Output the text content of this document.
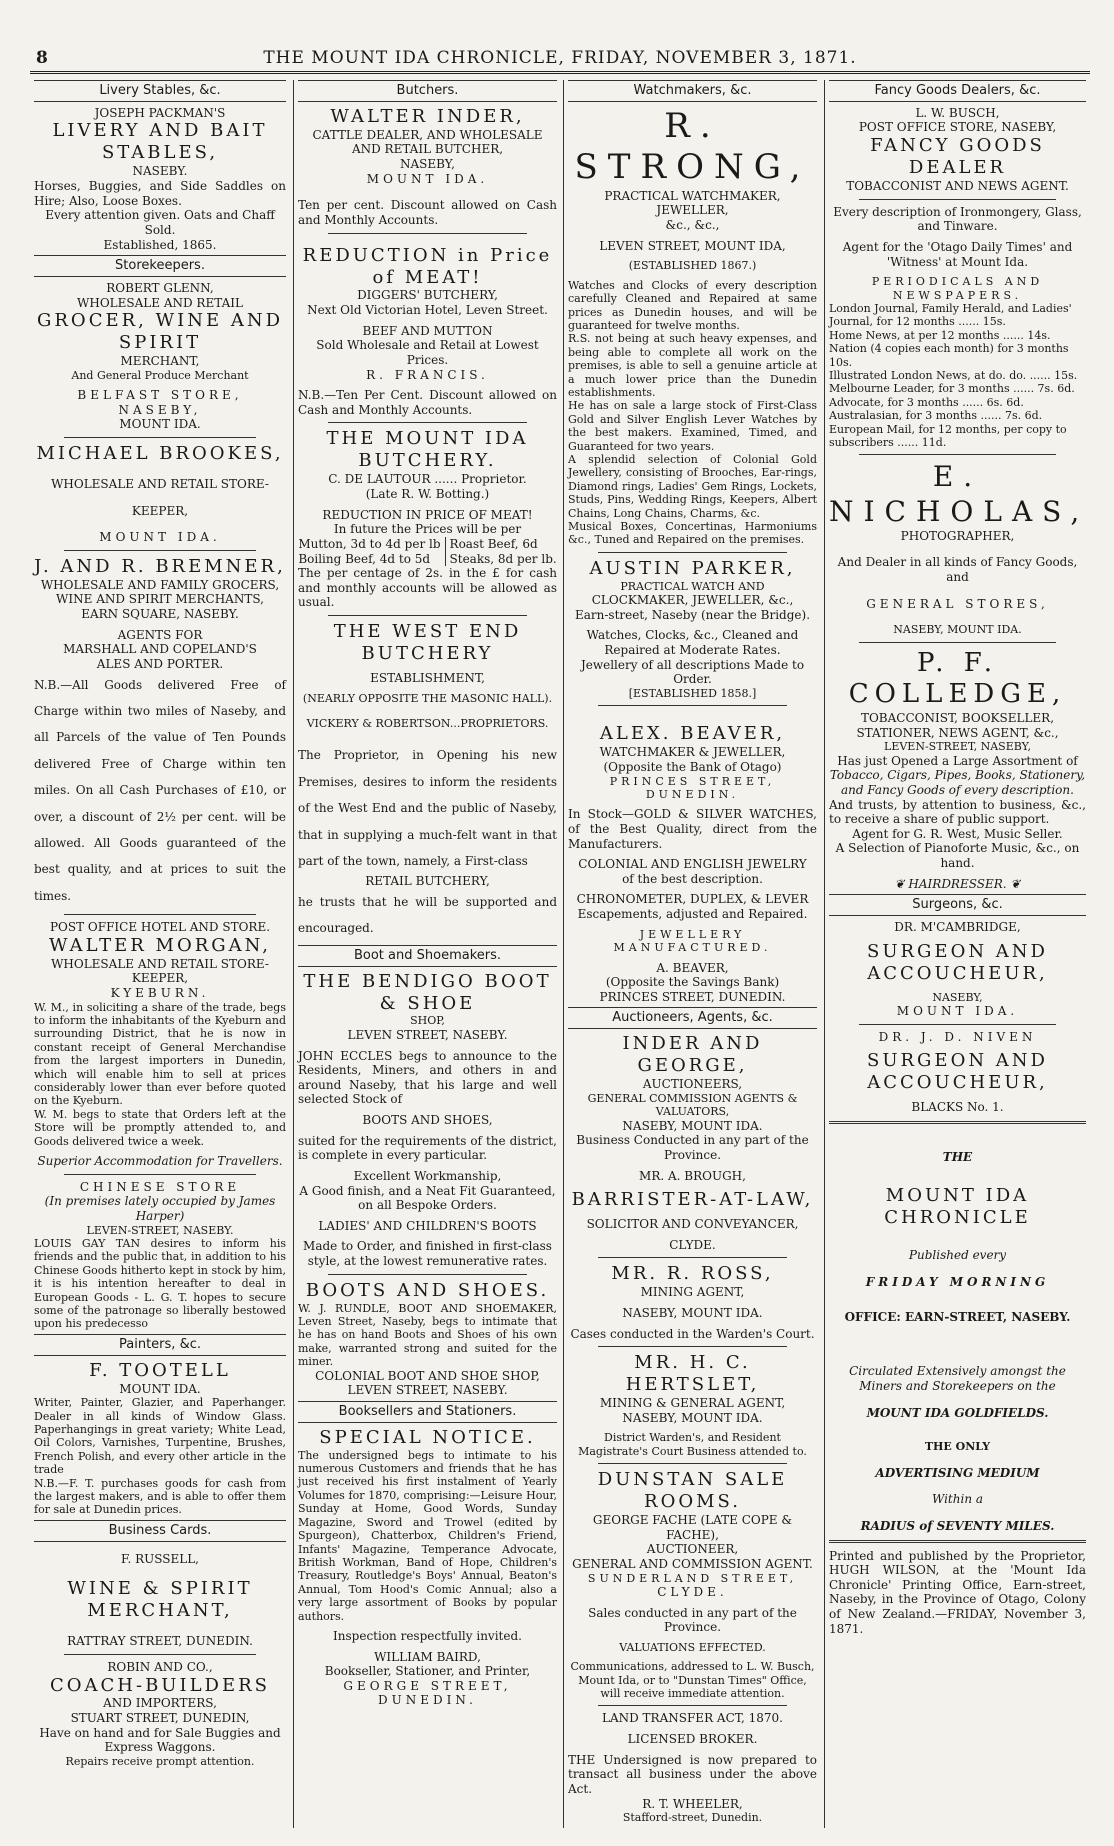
8	THE MOUNT IDA CHRONICLE, FRIDAY, NOVEMBER 3, 1871.
Livery Stables, &c.
JOSEPH PACKMAN'S
LIVERY AND BAIT STABLES,
NASEBY.
Horses, Buggies, and Side Saddles on Hire; Also, Loose Boxes.
Every attention given. Oats and Chaff Sold.
Established, 1865.
Storekeepers.
ROBERT GLENN,
WHOLESALE AND RETAIL
GROCER, WINE AND SPIRIT
MERCHANT,
And General Produce Merchant
BELFAST STORE, NASEBY,
MOUNT IDA.
MICHAEL BROOKES,
WHOLESALE AND RETAIL STORE-
KEEPER,
MOUNT IDA.
J. AND R. BREMNER,
WHOLESALE AND FAMILY GROCERS,
WINE AND SPIRIT MERCHANTS,
EARN SQUARE, NASEBY.
AGENTS FOR
MARSHALL AND COPELAND'S
ALES AND PORTER.
N.B.—All Goods delivered Free of Charge within two miles of Naseby, and all Parcels of the value of Ten Pounds delivered Free of Charge within ten miles. On all Cash Purchases of £10, or over, a discount of 2½ per cent. will be allowed. All Goods guaranteed of the best quality, and at prices to suit the times.
POST OFFICE HOTEL AND STORE.
WALTER MORGAN,
WHOLESALE AND RETAIL STORE-
KEEPER,
KYEBURN.
W. M., in soliciting a share of the trade, begs to inform the inhabitants of the Kyeburn and surrounding District, that he is now in constant receipt of General Merchandise from the largest importers in Dunedin, which will enable him to sell at prices considerably lower than ever before quoted on the Kyeburn.
W. M. begs to state that Orders left at the Store will be promptly attended to, and Goods delivered twice a week.
Superior Accommodation for Travellers.
CHINESE STORE
(In premises lately occupied by James Harper)
LEVEN-STREET, NASEBY.
LOUIS GAY TAN desires to inform his friends and the public that, in addition to his Chinese Goods hitherto kept in stock by him, it is his intention hereafter to deal in European Goods - L. G. T. hopes to secure some of the patronage so liberally bestowed upon his predecesso
Painters, &c.
F. TOOTELL
MOUNT IDA.
Writer, Painter, Glazier, and Paperhanger. Dealer in all kinds of Window Glass. Paperhangings in great variety; White Lead, Oil Colors, Varnishes, Turpentine, Brushes, French Polish, and every other article in the trade
N.B.—F. T. purchases goods for cash from the largest makers, and is able to offer them for sale at Dunedin prices.
Business Cards.
F. RUSSELL,
WINE & SPIRIT MERCHANT,
RATTRAY STREET, DUNEDIN.
ROBIN AND CO.,
COACH-BUILDERS
AND IMPORTERS,
STUART STREET, DUNEDIN,
Have on hand and for Sale Buggies and Express Waggons.
Repairs receive prompt attention.
Butchers.
WALTER INDER,
CATTLE DEALER, AND WHOLESALE
AND RETAIL BUTCHER,
NASEBY,
MOUNT IDA.
Ten per cent. Discount allowed on Cash and Monthly Accounts.
REDUCTION in Price of MEAT!
DIGGERS' BUTCHERY,
Next Old Victorian Hotel, Leven Street.
BEEF AND MUTTON
Sold Wholesale and Retail at Lowest Prices.
R. FRANCIS.
N.B.—Ten Per Cent. Discount allowed on Cash and Monthly Accounts.
THE MOUNT IDA BUTCHERY.
C. DE LAUTOUR ...... Proprietor.
(Late R. W. Botting.)
REDUCTION IN PRICE OF MEAT!
In future the Prices will be per
Mutton, 3d to 4d per lb
Boiling Beef, 4d to 5d
Roast Beef, 6d
Steaks, 8d per lb.
The per centage of 2s. in the £ for cash and monthly accounts will be allowed as usual.
THE WEST END BUTCHERY
ESTABLISHMENT,
(NEARLY OPPOSITE THE MASONIC HALL).
VICKERY & ROBERTSON...PROPRIETORS.
The Proprietor, in Opening his new Premises, desires to inform the residents of the West End and the public of Naseby, that in supplying a much-felt want in that part of the town, namely, a First-class
RETAIL BUTCHERY,
he trusts that he will be supported and encouraged.
Boot and Shoemakers.
THE BENDIGO BOOT & SHOE
SHOP,
LEVEN STREET, NASEBY.
JOHN ECCLES begs to announce to the Residents, Miners, and others in and around Naseby, that his large and well selected Stock of
BOOTS AND SHOES,
suited for the requirements of the district, is complete in every particular.
Excellent Workmanship,
A Good finish, and a Neat Fit Guaranteed, on all Bespoke Orders.
LADIES' AND CHILDREN'S BOOTS
Made to Order, and finished in first-class style, at the lowest remunerative rates.
BOOTS AND SHOES.
W. J. RUNDLE, BOOT AND SHOEMAKER, Leven Street, Naseby, begs to intimate that he has on hand Boots and Shoes of his own make, warranted strong and suited for the miner.
COLONIAL BOOT AND SHOE SHOP,
LEVEN STREET, NASEBY.
Booksellers and Stationers.
SPECIAL NOTICE.
The undersigned begs to intimate to his numerous Customers and friends that he has just received his first instalment of Yearly Volumes for 1870, comprising:—Leisure Hour, Sunday at Home, Good Words, Sunday Magazine, Sword and Trowel (edited by Spurgeon), Chatterbox, Children's Friend, Infants' Magazine, Temperance Advocate, British Workman, Band of Hope, Children's Treasury, Routledge's Boys' Annual, Beaton's Annual, Tom Hood's Comic Annual; also a very large assortment of Books by popular authors.
Inspection respectfully invited.
WILLIAM BAIRD,
Bookseller, Stationer, and Printer,
GEORGE STREET, DUNEDIN.
Watchmakers, &c.
R. STRONG,
PRACTICAL WATCHMAKER, JEWELLER,
&c., &c.,
LEVEN STREET, MOUNT IDA,
(ESTABLISHED 1867.)
Watches and Clocks of every description carefully Cleaned and Repaired at same prices as Dunedin houses, and will be guaranteed for twelve months.
R.S. not being at such heavy expenses, and being able to complete all work on the premises, is able to sell a genuine article at a much lower price than the Dunedin establishments.
He has on sale a large stock of First-Class Gold and Silver English Lever Watches by the best makers. Examined, Timed, and Guaranteed for two years.
A splendid selection of Colonial Gold Jewellery, consisting of Brooches, Ear-rings, Diamond rings, Ladies' Gem Rings, Lockets, Studs, Pins, Wedding Rings, Keepers, Albert Chains, Long Chains, Charms, &c.
Musical Boxes, Concertinas, Harmoniums &c., Tuned and Repaired on the premises.
AUSTIN PARKER,
PRACTICAL WATCH AND
CLOCKMAKER, JEWELLER, &c.,
Earn-street, Naseby (near the Bridge).
Watches, Clocks, &c., Cleaned and Repaired at Moderate Rates.
Jewellery of all descriptions Made to Order.
[ESTABLISHED 1858.]
ALEX. BEAVER,
WATCHMAKER & JEWELLER,
(Opposite the Bank of Otago)
PRINCES STREET, DUNEDIN.
In Stock—GOLD & SILVER WATCHES, of the Best Quality, direct from the Manufacturers.
COLONIAL AND ENGLISH JEWELRY
of the best description.
CHRONOMETER, DUPLEX, & LEVER
Escapements, adjusted and Repaired.
JEWELLERY MANUFACTURED.
A. BEAVER,
(Opposite the Savings Bank)
PRINCES STREET, DUNEDIN.
Auctioneers, Agents, &c.
INDER AND GEORGE,
AUCTIONEERS,
GENERAL COMMISSION AGENTS & VALUATORS,
NASEBY, MOUNT IDA.
Business Conducted in any part of the Province.
MR. A. BROUGH,
BARRISTER-AT-LAW,
SOLICITOR AND CONVEYANCER,
CLYDE.
MR. R. ROSS,
MINING AGENT,
NASEBY, MOUNT IDA.
Cases conducted in the Warden's Court.
MR. H. C. HERTSLET,
MINING & GENERAL AGENT,
NASEBY, MOUNT IDA.
District Warden's, and Resident Magistrate's Court Business attended to.
DUNSTAN SALE ROOMS.
GEORGE FACHE (LATE COPE & FACHE),
AUCTIONEER,
GENERAL AND COMMISSION AGENT.
SUNDERLAND STREET,
CLYDE.
Sales conducted in any part of the Province.
VALUATIONS EFFECTED.
Communications, addressed to L. W. Busch, Mount Ida, or to "Dunstan Times" Office, will receive immediate attention.
LAND TRANSFER ACT, 1870.
LICENSED BROKER.
THE Undersigned is now prepared to transact all business under the above Act.
R. T. WHEELER,
Stafford-street, Dunedin.
Fancy Goods Dealers, &c.
L. W. BUSCH,
POST OFFICE STORE, NASEBY,
FANCY GOODS DEALER
TOBACCONIST AND NEWS AGENT.
Every description of Ironmongery, Glass, and Tinware.
Agent for the 'Otago Daily Times' and 'Witness' at Mount Ida.
PERIODICALS AND NEWSPAPERS.
London Journal, Family Herald, and Ladies' Journal, for 12 months ...... 15s.
Home News, at per 12 months ...... 14s.
Nation (4 copies each month) for 3 months 10s.
Illustrated London News, at do. do. ...... 15s.
Melbourne Leader, for 3 months ...... 7s. 6d.
Advocate, for 3 months ...... 6s. 6d.
Australasian, for 3 months ...... 7s. 6d.
European Mail, for 12 months, per copy to subscribers ...... 11d.
E. NICHOLAS,
PHOTOGRAPHER,
And Dealer in all kinds of Fancy Goods, and
GENERAL STORES,
NASEBY, MOUNT IDA.
P. F. COLLEDGE,
TOBACCONIST, BOOKSELLER, STATIONER, NEWS AGENT, &c.,
LEVEN-STREET, NASEBY,
Has just Opened a Large Assortment of
Tobacco, Cigars, Pipes, Books, Stationery, and Fancy Goods of every description.
And trusts, by attention to business, &c., to receive a share of public support.
Agent for G. R. West, Music Seller.
A Selection of Pianoforte Music, &c., on hand.
❦ HAIRDRESSER. ❦
Surgeons, &c.
DR. M'CAMBRIDGE,
SURGEON AND ACCOUCHEUR,
NASEBY,
MOUNT IDA.
DR. J. D. NIVEN
SURGEON AND ACCOUCHEUR,
BLACKS No. 1.
THE
MOUNT IDA CHRONICLE
Published every
FRIDAY MORNING
OFFICE: EARN-STREET, NASEBY.
Circulated Extensively amongst the Miners and Storekeepers on the
MOUNT IDA GOLDFIELDS.
THE ONLY
ADVERTISING MEDIUM
Within a
RADIUS of SEVENTY MILES.
Printed and published by the Proprietor, HUGH WILSON, at the 'Mount Ida Chronicle' Printing Office, Earn-street, Naseby, in the Province of Otago, Colony of New Zealand.—FRIDAY, November 3, 1871.
